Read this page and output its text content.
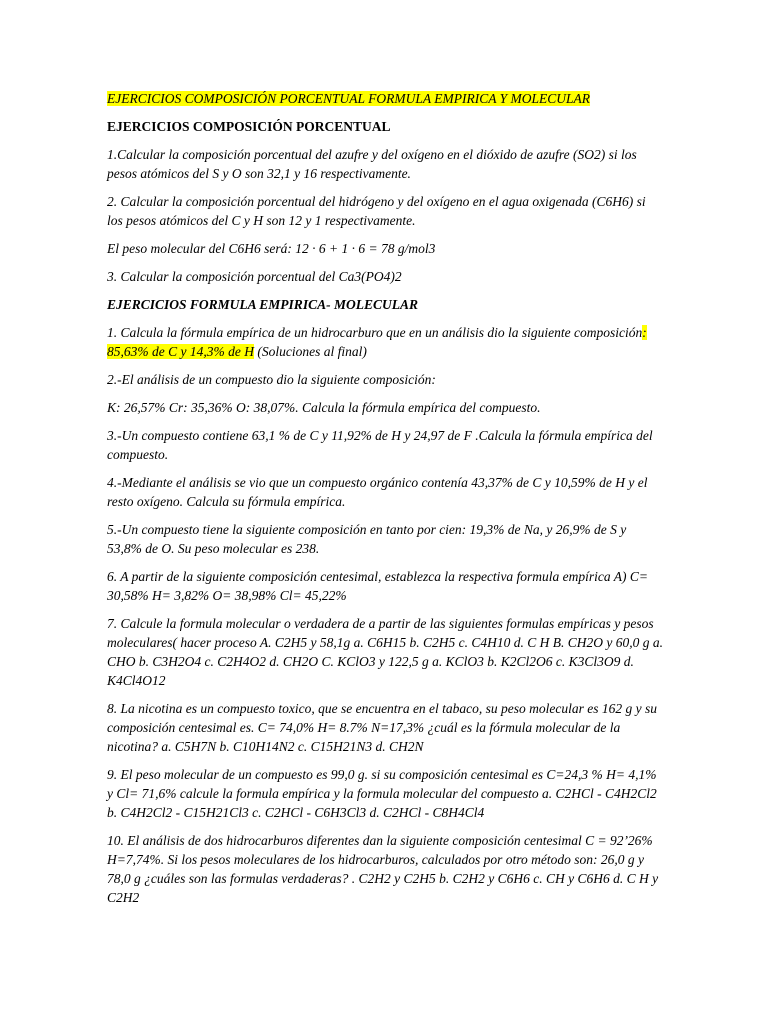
EJERCICIOS COMPOSICIÓN PORCENTUAL FORMULA EMPIRICA Y MOLECULAR

EJERCICIOS COMPOSICIÓN PORCENTUAL

1.Calcular la composición porcentual del azufre y del oxígeno en el dióxido de azufre (SO2) si los pesos atómicos del S y O son 32,1 y 16 respectivamente.

2. Calcular la composición porcentual del hidrógeno y del oxígeno en el agua oxigenada (C6H6) si los pesos atómicos del C y H son 12 y 1 respectivamente.

El peso molecular del C6H6 será: 12 · 6 + 1 · 6 = 78 g/mol3

3. Calcular la composición porcentual del Ca3(PO4)2

EJERCICIOS FORMULA EMPIRICA- MOLECULAR

1. Calcula la fórmula empírica de un hidrocarburo que en un análisis dio la siguiente composición: 85,63% de C y 14,3% de H (Soluciones al final)

2.-El análisis de un compuesto dio la siguiente composición:

K: 26,57% Cr: 35,36% O: 38,07%. Calcula la fórmula empírica del compuesto.

3.-Un compuesto contiene 63,1 % de C y 11,92% de H y 24,97 de F .Calcula la fórmula empírica del compuesto.

4.-Mediante el análisis se vio que un compuesto orgánico contenía 43,37% de C y 10,59% de H y el resto oxígeno. Calcula su fórmula empírica.

5.-Un compuesto tiene la siguiente composición en tanto por cien: 19,3% de Na, y 26,9% de S y 53,8% de O. Su peso molecular es 238.

6. A partir de la siguiente composición centesimal, establezca la respectiva formula empírica A) C= 30,58% H= 3,82% O= 38,98% Cl= 45,22%

7. Calcule la formula molecular o verdadera de a partir de las siguientes formulas empíricas y pesos moleculares( hacer proceso A. C2H5 y 58,1g a. C6H15 b. C2H5 c. C4H10 d. C H B. CH2O y 60,0 g a. CHO b. C3H2O4 c. C2H4O2 d. CH2O C. KClO3 y 122,5 g a. KClO3 b. K2Cl2O6 c. K3Cl3O9 d. K4Cl4O12

8. La nicotina es un compuesto toxico, que se encuentra en el tabaco, su peso molecular es 162 g y su composición centesimal es. C= 74,0% H= 8.7% N=17,3% ¿cuál es la fórmula molecular de la nicotina? a. C5H7N b. C10H14N2 c. C15H21N3 d. CH2N

9. El peso molecular de un compuesto es 99,0 g. si su composición centesimal es C=24,3 % H= 4,1% y Cl= 71,6% calcule la formula empírica y la formula molecular del compuesto a. C2HCl - C4H2Cl2 b. C4H2Cl2 - C15H21Cl3 c. C2HCl - C6H3Cl3 d. C2HCl - C8H4Cl4

10. El análisis de dos hidrocarburos diferentes dan la siguiente composición centesimal C = 92’26% H=7,74%. Si los pesos moleculares de los hidrocarburos, calculados por otro método son: 26,0 g y 78,0 g ¿cuáles son las formulas verdaderas? . C2H2 y C2H5 b. C2H2 y C6H6 c. CH y C6H6 d. C H y C2H2
